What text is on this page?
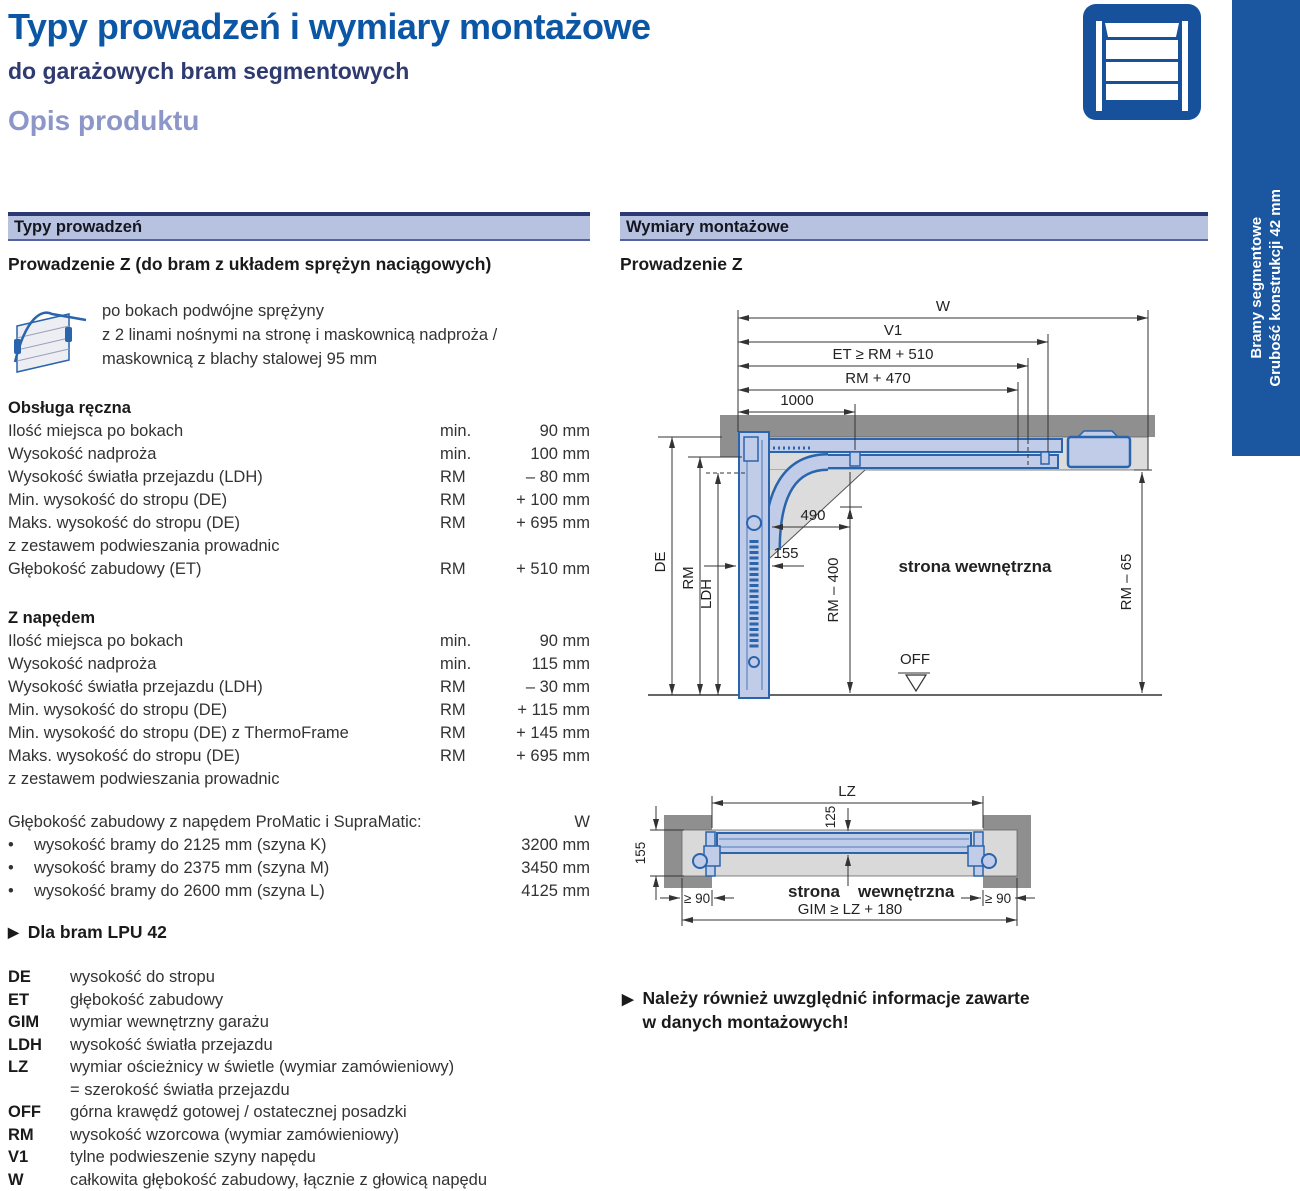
Typy prowadzeń i wymiary montażowe
do garażowych bram segmentowych
Opis produktu
Bramy segmentowe Grubość konstrukcji 42 mm
Typy prowadzeń
Prowadzenie Z (do bram z układem sprężyn naciągowych)
po bokach podwójne sprężyny
z 2 linami nośnymi na stronę i maskownicą nadproża /
maskownicą z blachy stalowej 95 mm
Obsługa ręczna
Ilość miejsca po bokach	min.	90 mm
Wysokość nadproża	min.	100 mm
Wysokość światła przejazdu (LDH)	RM	– 80 mm
Min. wysokość do stropu (DE)	RM	+ 100 mm
Maks. wysokość do stropu (DE)	RM	+ 695 mm
z zestawem podwieszania prowadnic
Głębokość zabudowy (ET)	RM	+ 510 mm
Z napędem
Ilość miejsca po bokach	min.	90 mm
Wysokość nadproża	min.	115 mm
Wysokość światła przejazdu (LDH)	RM	– 30 mm
Min. wysokość do stropu (DE)	RM	+ 115 mm
Min. wysokość do stropu (DE) z ThermoFrame	RM	+ 145 mm
Maks. wysokość do stropu (DE)	RM	+ 695 mm
z zestawem podwieszania prowadnic
Głębokość zabudowy z napędem ProMatic i SupraMatic:	W
•	wysokość bramy do 2125 mm (szyna K)	3200 mm
•	wysokość bramy do 2375 mm (szyna M)	3450 mm
•	wysokość bramy do 2600 mm (szyna L)	4125 mm
▶ Dla bram LPU 42
DE	wysokość do stropu
ET	głębokość zabudowy
GIM	wymiar wewnętrzny garażu
LDH	wysokość światła przejazdu
LZ	wymiar ościeżnicy w świetle (wymiar zamówieniowy)
= szerokość światła przejazdu
OFF	górna krawędź gotowej / ostatecznej posadzki
RM	wysokość wzorcowa (wymiar zamówieniowy)
V1	tylne podwieszenie szyny napędu
W	całkowita głębokość zabudowy, łącznie z głowicą napędu
Wymiary montażowe
Prowadzenie Z
W
V1
ET ≥ RM + 510
RM + 470
1000
490
155
RM – 400
DE
RM
LDH	RM – 65
OFF
strona wewnętrzna
LZ
125
155
≥ 90	≥ 90
GIM ≥ LZ + 180
strona wewnętrzna
▶ Należy również uwzględnić informacje zawarte
w danych montażowych!
